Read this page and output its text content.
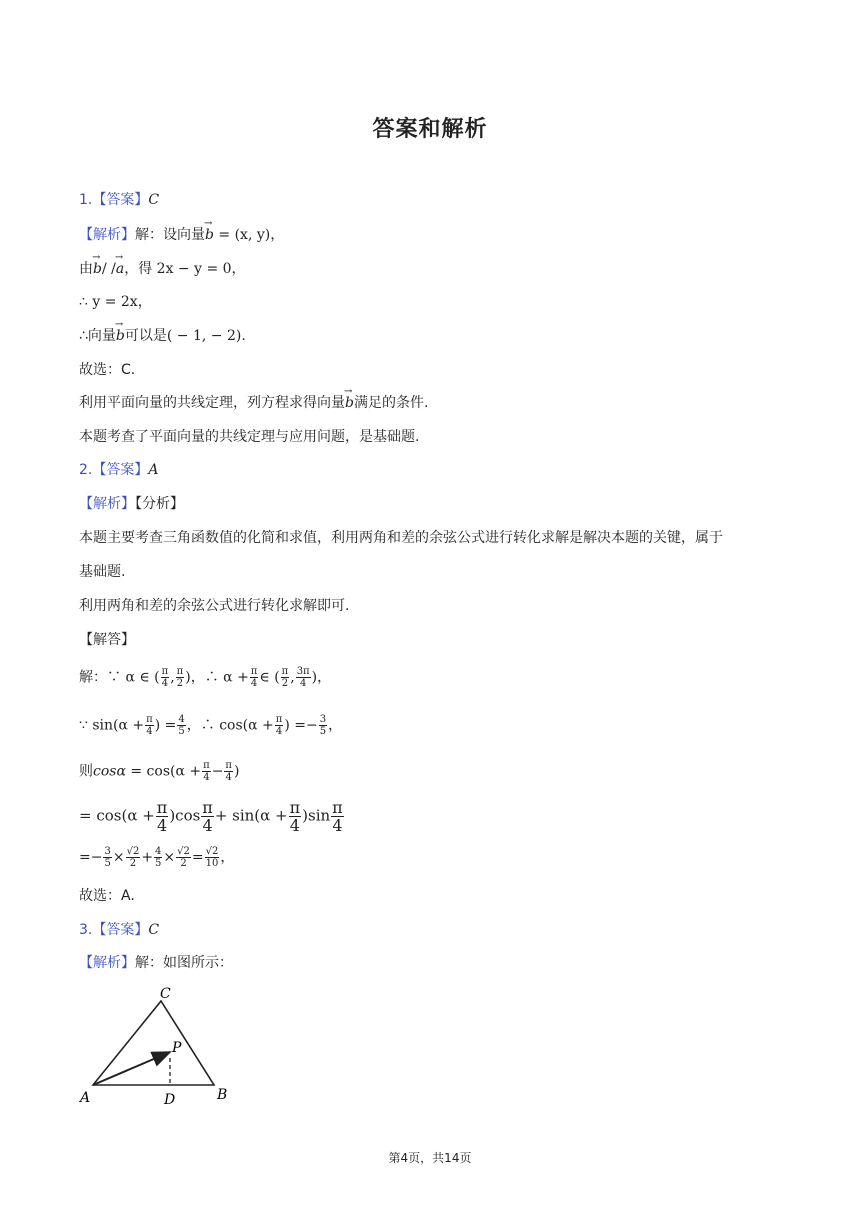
答案和解析
1.【答案】C
【解析】解：设向量→ b = (x, y)，
由→ b/ /→ a，得 2x − y = 0，
∴ y = 2x，
∴向量→ b可以是( − 1, − 2).
故选：C.
利用平面向量的共线定理，列方程求得向量→ b满足的条件.
本题考查了平面向量的共线定理与应用问题，是基础题.
2.【答案】A
【解析】【分析】
本题主要考查三角函数值的化简和求值，利用两角和差的余弦公式进行转化求解是解决本题的关键，属于
基础题.
利用两角和差的余弦公式进行转化求解即可.
【解答】
解：∵ α ∈ ( $\frac{\pi}{4}$ , $\frac{\pi}{2}$ )，∴ $\alpha + \frac{\pi}{4}$ ∈ ( $\frac{\pi}{2}$ , $\frac{3\pi}{4}$ )，
∵ $\sin(\alpha + \frac{\pi}{4}$ ) = $\frac{4}{5}$ ，∴ $\cos(\alpha + \frac{\pi}{4}$ ) =− $\frac{3}{5}$ ，
则$\cos\alpha = \cos(\alpha + \frac{\pi}{4} - \frac{\pi}{4}$ )
= $\cos(\alpha + \frac{\pi}{4} )\cos \frac{\pi}{4} + \sin(\alpha + \frac{\pi}{4} )\sin \frac{\pi}{4}$
=− $\frac{3}{5} \times \frac{√2}{2} + \frac{4}{5} \times \frac{√2}{2} = \frac{√2}{10}$ ，
故选：A.
3.【答案】C
【解析】解：如图所示：
A	B
C
D
P
第4页，共14页
